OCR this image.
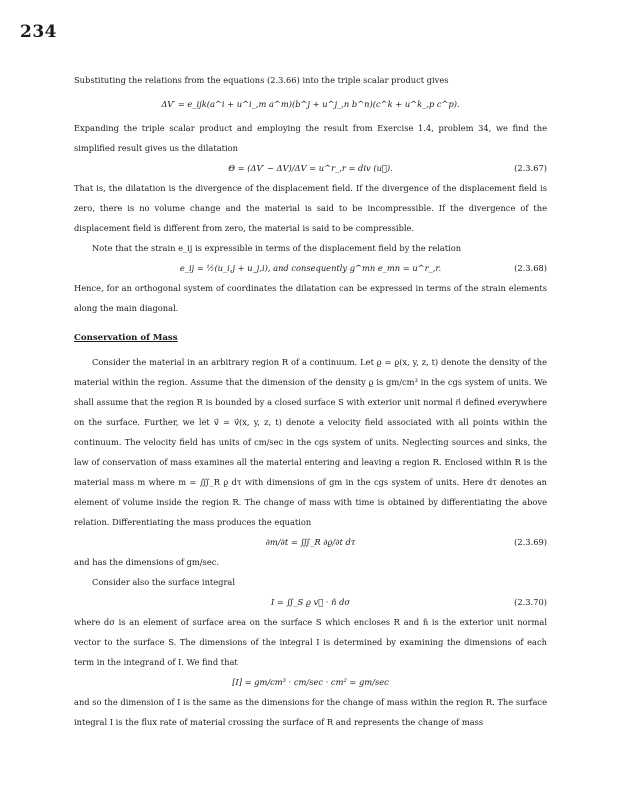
234

Substituting the relations from the equations (2.3.66) into the triple scalar product gives

ΔV′ = e_ijk(a^i + u^i_,m a^m)(b^j + u^j_,n b^n)(c^k + u^k_,p c^p).

Expanding the triple scalar product and employing the result from Exercise 1.4, problem 34, we find the simplified result gives us the dilatation

Θ = (ΔV′ − ΔV)/ΔV = u^r_,r = div (u⃗).	(2.3.67)

That is, the dilatation is the divergence of the displacement field. If the divergence of the displacement field is zero, there is no volume change and the material is said to be incompressible. If the divergence of the displacement field is different from zero, the material is said to be compressible.

Note that the strain e_ij is expressible in terms of the displacement field by the relation

e_ij = ½(u_i,j + u_j,i), and consequently g^mn e_mn = u^r_,r.	(2.3.68)

Hence, for an orthogonal system of coordinates the dilatation can be expressed in terms of the strain elements along the main diagonal.

Conservation of Mass

Consider the material in an arbitrary region R of a continuum. Let ϱ = ϱ(x, y, z, t) denote the density of the material within the region. Assume that the dimension of the density ϱ is gm/cm³ in the cgs system of units. We shall assume that the region R is bounded by a closed surface S with exterior unit normal n⃗ defined everywhere on the surface. Further, we let v⃗ = v⃗(x, y, z, t) denote a velocity field associated with all points within the continuum. The velocity field has units of cm/sec in the cgs system of units. Neglecting sources and sinks, the law of conservation of mass examines all the material entering and leaving a region R. Enclosed within R is the material mass m where m = ∭_R ϱ dτ with dimensions of gm in the cgs system of units. Here dτ denotes an element of volume inside the region R. The change of mass with time is obtained by differentiating the above relation. Differentiating the mass produces the equation

∂m/∂t = ∭_R ∂ϱ/∂t dτ	(2.3.69)

and has the dimensions of gm/sec.

Consider also the surface integral

I = ∬_S ϱ v⃗ · n̂ dσ	(2.3.70)

where dσ is an element of surface area on the surface S which encloses R and n̂ is the exterior unit normal vector to the surface S. The dimensions of the integral I is determined by examining the dimensions of each term in the integrand of I. We find that

[I] = gm/cm³ · cm/sec · cm² = gm/sec

and so the dimension of I is the same as the dimensions for the change of mass within the region R. The surface integral I is the flux rate of material crossing the surface of R and represents the change of mass
